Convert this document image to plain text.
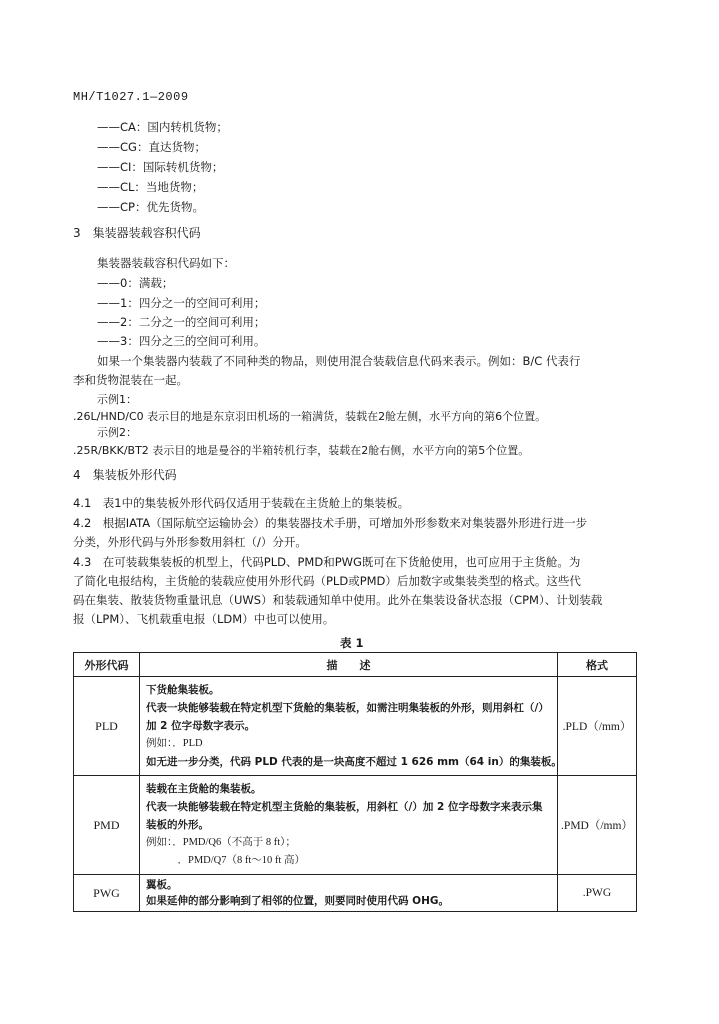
MH/T1027.1—2009
——CA：国内转机货物；
——CG：直达货物；
——CI：国际转机货物；
——CL：当地货物；
——CP：优先货物。
3　集装器装载容积代码
集装器装载容积代码如下：
——0：满载；
——1：四分之一的空间可利用；
——2：二分之一的空间可利用；
——3：四分之三的空间可利用。
如果一个集装器内装载了不同种类的物品，则使用混合装载信息代码来表示。例如：B/C 代表行
李和货物混装在一起。
示例1：
.26L/HND/C0 表示目的地是东京羽田机场的一箱满货，装载在2舱左侧，水平方向的第6个位置。
示例2：
.25R/BKK/BT2 表示目的地是曼谷的半箱转机行李，装载在2舱右侧，水平方向的第5个位置。
4　集装板外形代码
4.1　表1中的集装板外形代码仅适用于装载在主货舱上的集装板。
4.2　根据IATA（国际航空运输协会）的集装器技术手册，可增加外形参数来对集装器外形进行进一步
分类，外形代码与外形参数用斜杠（/）分开。
4.3　在可装载集装板的机型上，代码PLD、PMD和PWG既可在下货舱使用，也可应用于主货舱。为
了简化电报结构，主货舱的装载应使用外形代码（PLD或PMD）后加数字或集装类型的格式。这些代
码在集装、散装货物重量讯息（UWS）和装载通知单中使用。此外在集装设备状态报（CPM）、计划装载
报（LPM）、飞机载重电报（LDM）中也可以使用。
表 1
外形代码	描　　述	格式
PLD	下货舱集装板。
代表一块能够装载在特定机型下货舱的集装板，如需注明集装板的外形，则用斜杠（/）
加 2 位字母数字表示。
例如：．PLD
如无进一步分类，代码 PLD 代表的是一块高度不超过 1 626 mm（64 in）的集装板。	.PLD（/mm）
PMD	装载在主货舱的集装板。
代表一块能够装载在特定机型主货舱的集装板，用斜杠（/）加 2 位字母数字来表示集
装板的外形。
例如：．PMD/Q6（不高于 8 ft）；
　　　．PMD/Q7（8 ft～10 ft 高）	.PMD（/mm）
PWG	翼板。
如果延伸的部分影响到了相邻的位置，则要同时使用代码 OHG。	.PWG
